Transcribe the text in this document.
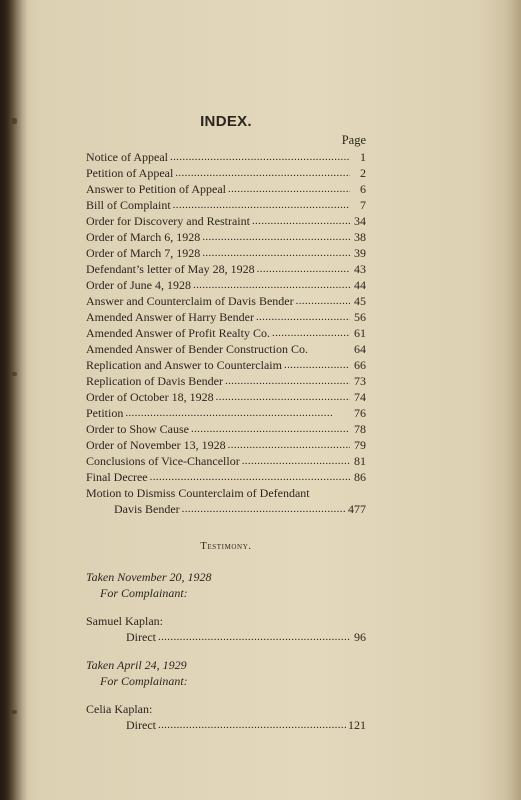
INDEX.
Page
Notice of Appeal . . .	1
Petition of Appeal . . .	2
Answer to Petition of Appeal . . .	6
Bill of Complaint . . .	7
Order for Discovery and Restraint . . .	34
Order of March 6, 1928 . . .	38
Order of March 7, 1928 . . .	39
Defendant’s letter of May 28, 1928 . . .	43
Order of June 4, 1928 . . .	44
Answer and Counterclaim of Davis Bender . . .	45
Amended Answer of Harry Bender . . .	56
Amended Answer of Profit Realty Co. . . .	61
Amended Answer of Bender Construction Co.	64
Replication and Answer to Counterclaim . . .	66
Replication of Davis Bender . . .	73
Order of October 18, 1928 . . .	74
Petition . . .	76
Order to Show Cause . . .	78
Order of November 13, 1928 . . .	79
Conclusions of Vice-Chancellor . . .	81
Final Decree . . .	86
Motion to Dismiss Counterclaim of Defendant
Davis Bender . . .	477
Testimony.
Taken November 20, 1928
For Complainant:
Samuel Kaplan:
Direct . . .	96
Taken April 24, 1929
For Complainant:
Celia Kaplan:
Direct . . .	121
